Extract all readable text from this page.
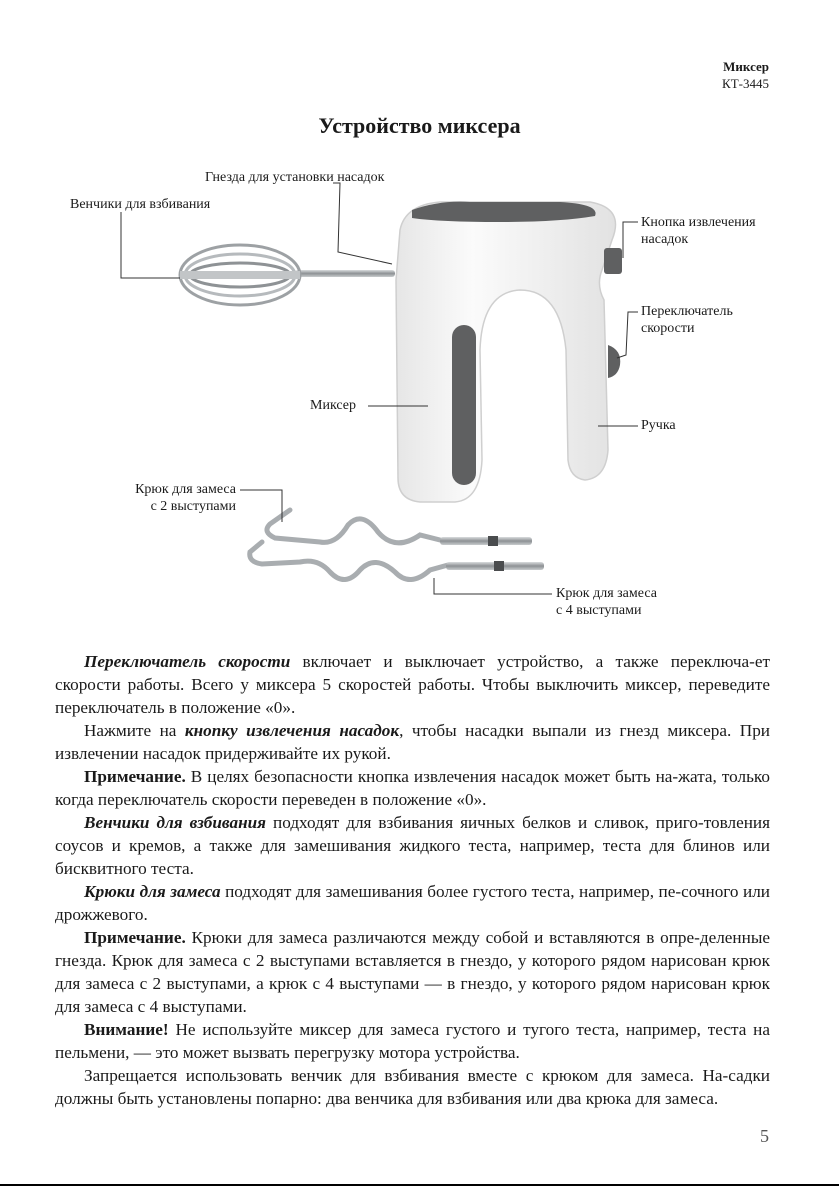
Миксер
КТ-3445
Устройство миксера
Гнезда для установки насадок
Венчики для взбивания
Кнопка извлечения
насадок
Переключатель
скорости
Миксер
Ручка
Крюк для замеса
с 2 выступами
Крюк для замеса
с 4 выступами

Переключатель скорости включает и выключает устройство, а также переключа-ет скорости работы. Всего у миксера 5 скоростей работы. Чтобы выключить миксер, переведите переключатель в положение «0».

Нажмите на кнопку извлечения насадок, чтобы насадки выпали из гнезд миксера. При извлечении насадок придерживайте их рукой.

Примечание. В целях безопасности кнопка извлечения насадок может быть на-жата, только когда переключатель скорости переведен в положение «0».

Венчики для взбивания подходят для взбивания яичных белков и сливок, приго-товления соусов и кремов, а также для замешивания жидкого теста, например, теста для блинов или бисквитного теста.

Крюки для замеса подходят для замешивания более густого теста, например, пе-сочного или дрожжевого.

Примечание. Крюки для замеса различаются между собой и вставляются в опре-деленные гнезда. Крюк для замеса с 2 выступами вставляется в гнездо, у которого рядом нарисован крюк для замеса с 2 выступами, а крюк с 4 выступами — в гнездо, у которого рядом нарисован крюк для замеса с 4 выступами.

Внимание! Не используйте миксер для замеса густого и тугого теста, например, теста на пельмени, — это может вызвать перегрузку мотора устройства.

Запрещается использовать венчик для взбивания вместе с крюком для замеса. На-садки должны быть установлены попарно: два венчика для взбивания или два крюка для замеса.

5
